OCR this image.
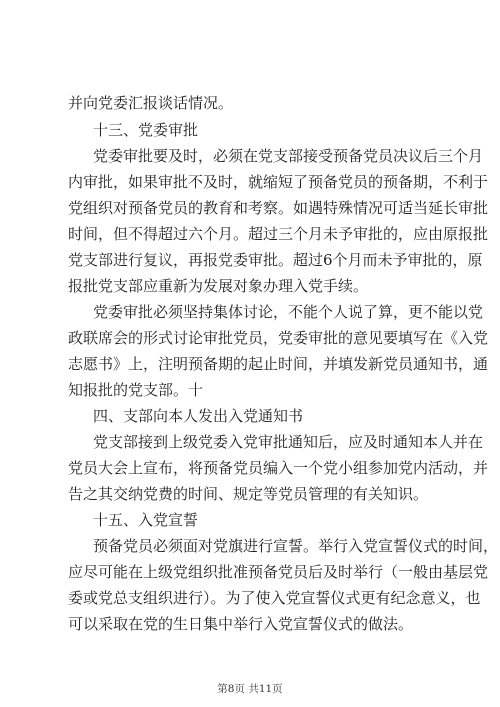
并向党委汇报谈话情况。
十三、党委审批
党委审批要及时，必须在党支部接受预备党员决议后三个月
内审批，如果审批不及时，就缩短了预备党员的预备期，不利于
党组织对预备党员的教育和考察。如遇特殊情况可适当延长审批
时间，但不得超过六个月。超过三个月未予审批的，应由原报批
党支部进行复议，再报党委审批。超过6个月而未予审批的，原
报批党支部应重新为发展对象办理入党手续。
党委审批必须坚持集体讨论，不能个人说了算，更不能以党
政联席会的形式讨论审批党员，党委审批的意见要填写在《入党
志愿书》上，注明预备期的起止时间，并填发新党员通知书，通
知报批的党支部。十
四、支部向本人发出入党通知书
党支部接到上级党委入党审批通知后，应及时通知本人并在
党员大会上宣布，将预备党员编入一个党小组参加党内活动，并
告之其交纳党费的时间、规定等党员管理的有关知识。
十五、入党宣誓
预备党员必须面对党旗进行宣誓。举行入党宣誓仪式的时间，
应尽可能在上级党组织批准预备党员后及时举行（一般由基层党
委或党总支组织进行）。为了使入党宣誓仪式更有纪念意义，也
可以采取在党的生日集中举行入党宣誓仪式的做法。
第8页 共11页
